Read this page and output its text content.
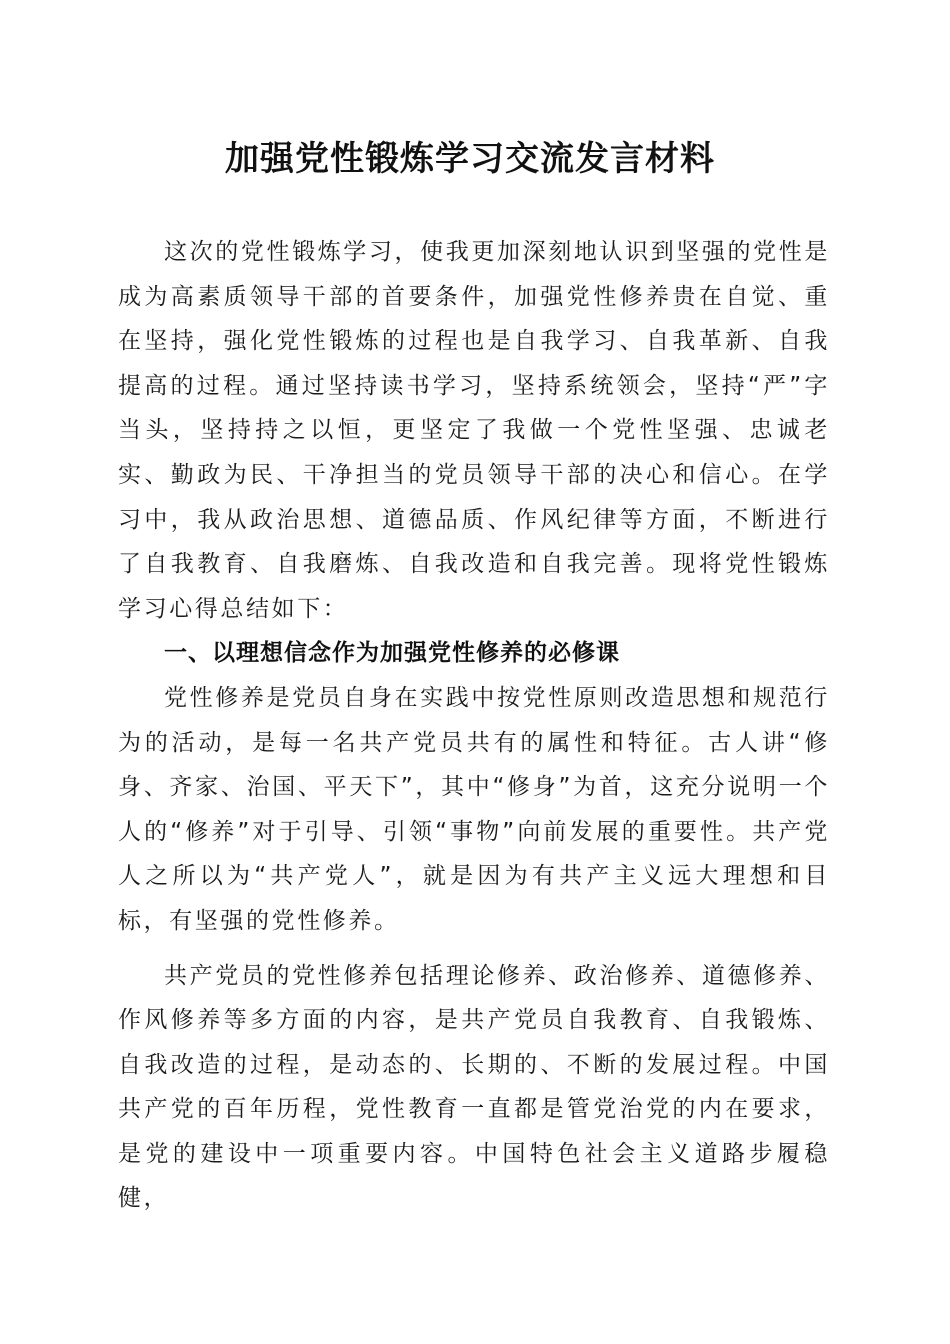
加强党性锻炼学习交流发言材料

这次的党性锻炼学习，使我更加深刻地认识到坚强的党性是成为高素质领导干部的首要条件，加强党性修养贵在自觉、重在坚持，强化党性锻炼的过程也是自我学习、自我革新、自我提高的过程。通过坚持读书学习，坚持系统领会，坚持“严”字当头，坚持持之以恒，更坚定了我做一个党性坚强、忠诚老实、勤政为民、干净担当的党员领导干部的决心和信心。在学习中，我从政治思想、道德品质、作风纪律等方面，不断进行了自我教育、自我磨炼、自我改造和自我完善。现将党性锻炼学习心得总结如下：

一、以理想信念作为加强党性修养的必修课

党性修养是党员自身在实践中按党性原则改造思想和规范行为的活动，是每一名共产党员共有的属性和特征。古人讲“修身、齐家、治国、平天下”，其中“修身”为首，这充分说明一个人的“修养”对于引导、引领“事物”向前发展的重要性。共产党人之所以为“共产党人”，就是因为有共产主义远大理想和目标，有坚强的党性修养。

共产党员的党性修养包括理论修养、政治修养、道德修养、作风修养等多方面的内容，是共产党员自我教育、自我锻炼、自我改造的过程，是动态的、长期的、不断的发展过程。中国共产党的百年历程，党性教育一直都是管党治党的内在要求，是党的建设中一项重要内容。中国特色社会主义道路步履稳健，
